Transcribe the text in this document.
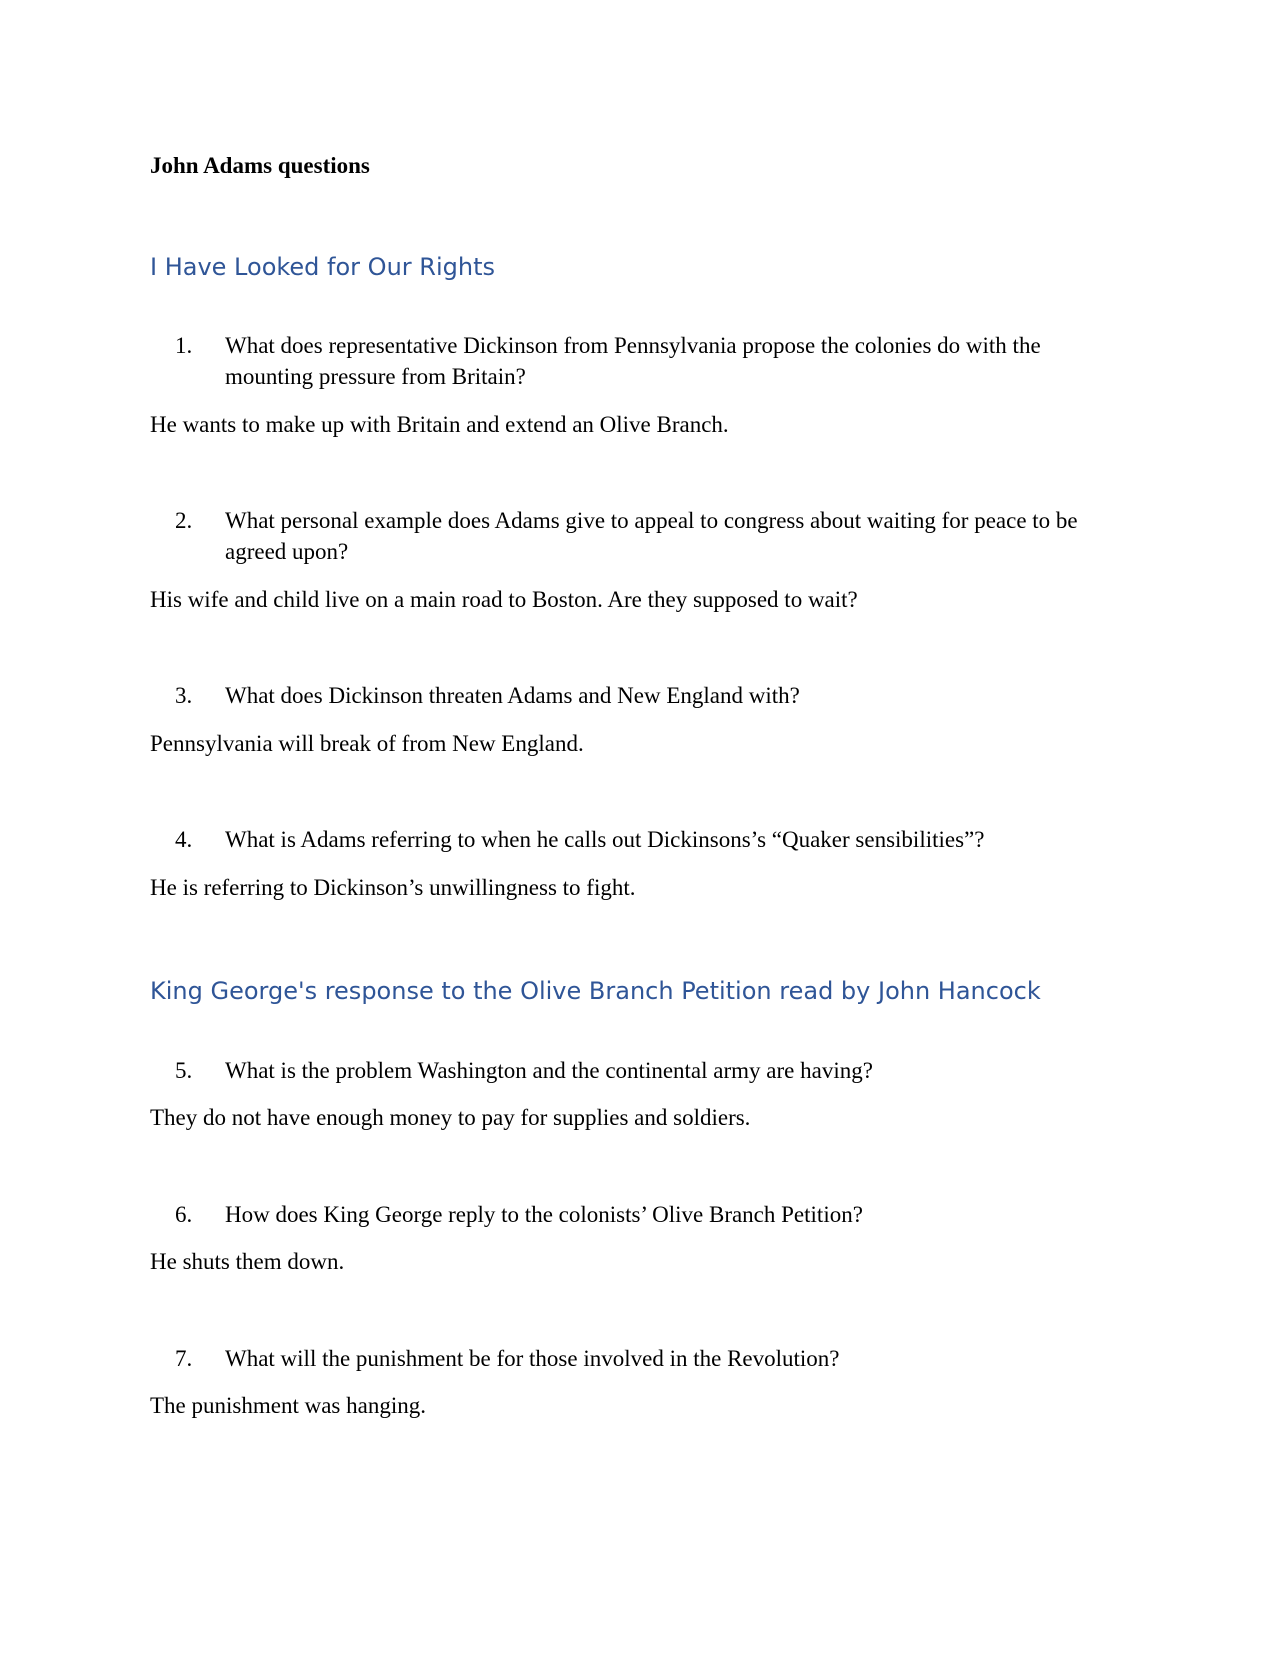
John Adams questions
I Have Looked for Our Rights
1.	What does representative Dickinson from Pennsylvania propose the colonies do with the mounting pressure from Britain?

He wants to make up with Britain and extend an Olive Branch.

2.	What personal example does Adams give to appeal to congress about waiting for peace to be agreed upon?

His wife and child live on a main road to Boston. Are they supposed to wait?

3.	What does Dickinson threaten Adams and New England with?

Pennsylvania will break of from New England.

4.	What is Adams referring to when he calls out Dickinsons’s “Quaker sensibilities”?

He is referring to Dickinson’s unwillingness to fight.

King George's response to the Olive Branch Petition read by John Hancock
5.	What is the problem Washington and the continental army are having?

They do not have enough money to pay for supplies and soldiers.

6.	How does King George reply to the colonists’ Olive Branch Petition?

He shuts them down.

7.	What will the punishment be for those involved in the Revolution?

The punishment was hanging.
